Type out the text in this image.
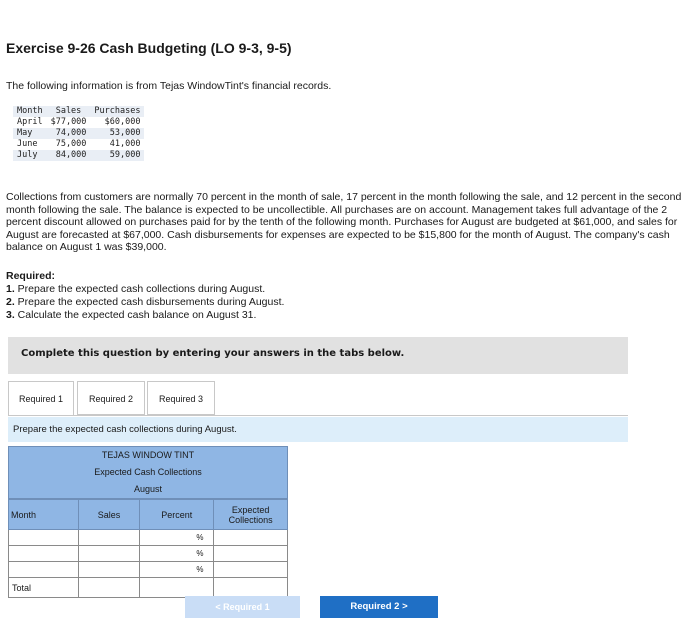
Exercise 9-26 Cash Budgeting (LO 9-3, 9-5)
The following information is from Tejas WindowTint's financial records.
Month	Sales	Purchases
April	$77,000	$60,000
May	74,000	53,000
June	75,000	41,000
July	84,000	59,000
Collections from customers are normally 70 percent in the month of sale, 17 percent in the month following the sale, and 12 percent in the second month following the sale. The balance is expected to be uncollectible. All purchases are on account. Management takes full advantage of the 2 percent discount allowed on purchases paid for by the tenth of the following month. Purchases for August are budgeted at $61,000, and sales for August are forecasted at $67,000. Cash disbursements for expenses are expected to be $15,800 for the month of August. The company's cash balance on August 1 was $39,000.
Required:
1. Prepare the expected cash collections during August.
2. Prepare the expected cash disbursements during August.
3. Calculate the expected cash balance on August 31.
Complete this question by entering your answers in the tabs below.
Required 1	Required 2	Required 3
Prepare the expected cash collections during August.
TEJAS WINDOW TINT
Expected Cash Collections
August
Month	Sales	Percent	Expected Collections
		%	
		%	
		%	
Total			
< Required 1	Required 2 >
